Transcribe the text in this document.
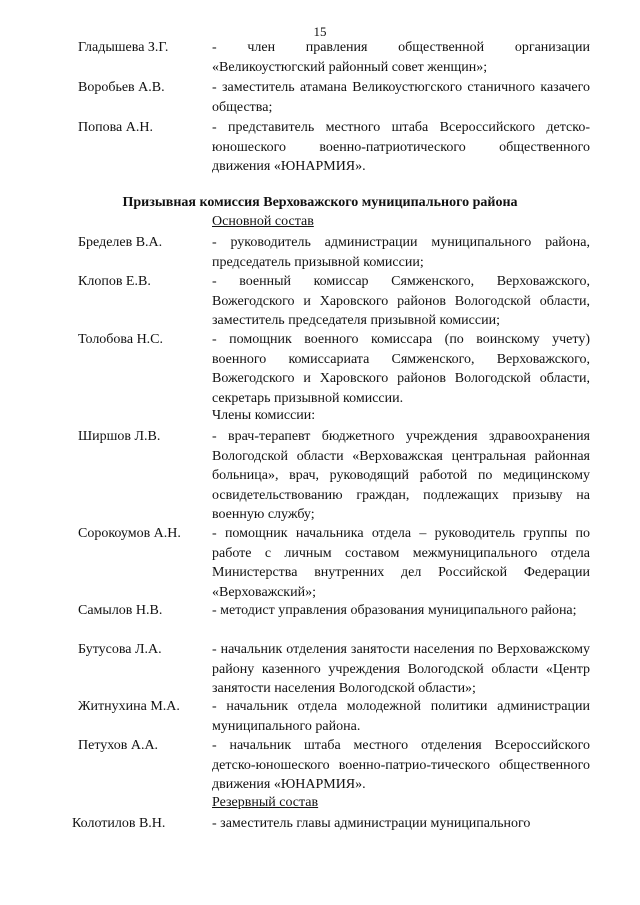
15
Гладышева З.Г.	- член правления общественной организации «Великоустюгский районный совет женщин»;
Воробьев А.В.	- заместитель атамана Великоустюгского станичного казачего общества;
Попова А.Н.	- представитель местного штаба Всероссийского детско-юношеского военно-патриотического общественного движения «ЮНАРМИЯ».
Призывная комиссия Верховажского муниципального района
Основной состав
Бределев В.А.	- руководитель администрации муниципального района, председатель призывной комиссии;
Клопов Е.В.	- военный комиссар Сямженского, Верховажского, Вожегодского и Харовского районов Вологодской области, заместитель председателя призывной комиссии;
Толобова Н.С.	- помощник военного комиссара (по воинскому учету) военного комиссариата Сямженского, Верховажского, Вожегодского и Харовского районов Вологодской области, секретарь призывной комиссии.
Члены комиссии:
Ширшов Л.В.	- врач-терапевт бюджетного учреждения здравоохранения Вологодской области «Верховажская центральная районная больница», врач, руководящий работой по медицинскому освидетельствованию граждан, подлежащих призыву на военную службу;
Сорокоумов А.Н. - помощник начальника отдела – руководитель группы по работе с личным составом межмуниципального отдела Министерства внутренних дел Российской Федерации «Верховажский»;
Самылов Н.В.	- методист управления образования муниципального района;
Бутусова Л.А.	- начальник отделения занятости населения по Верховажскому району казенного учреждения Вологодской области «Центр занятости населения Вологодской области»;
Житнухина М.А. - начальник отдела молодежной политики администрации муниципального района.
Петухов А.А.	- начальник штаба местного отделения Всероссийского детско-юношеского военно-патрио-тического общественного движения «ЮНАРМИЯ».
Резервный состав
Колотилов В.Н.	- заместитель главы администрации муниципального
